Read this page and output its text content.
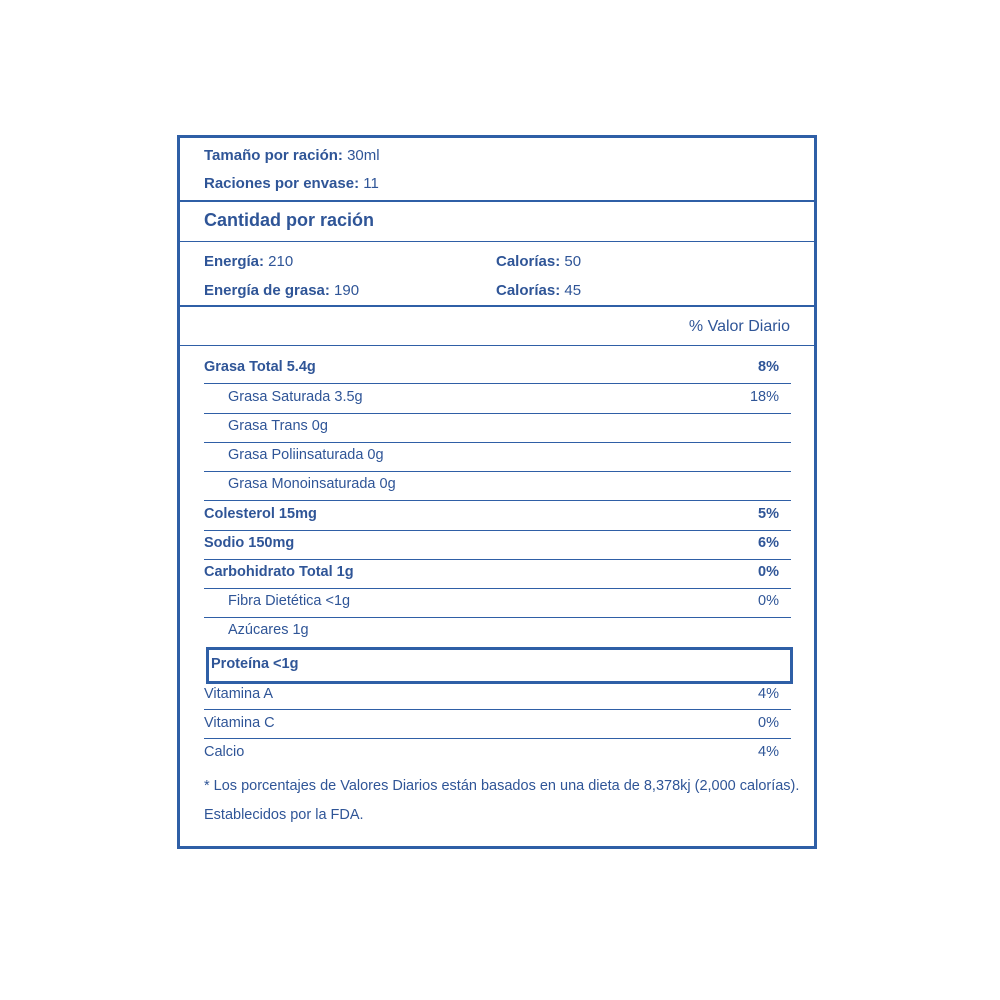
Tamaño por ración: 30ml
Raciones por envase: 11
Cantidad por ración
Energía: 210	Calorías: 50
Energía de grasa: 190	Calorías: 45
% Valor Diario
Grasa Total 5.4g	8%
Grasa Saturada 3.5g	18%
Grasa Trans 0g
Grasa Poliinsaturada 0g
Grasa Monoinsaturada 0g
Colesterol 15mg	5%
Sodio 150mg	6%
Carbohidrato Total 1g	0%
Fibra Dietética <1g	0%
Azúcares 1g
Proteína <1g
Vitamina A	4%
Vitamina C	0%
Calcio	4%
* Los porcentajes de Valores Diarios están basados en una dieta de 8,378kj (2,000 calorías). Establecidos por la FDA.
